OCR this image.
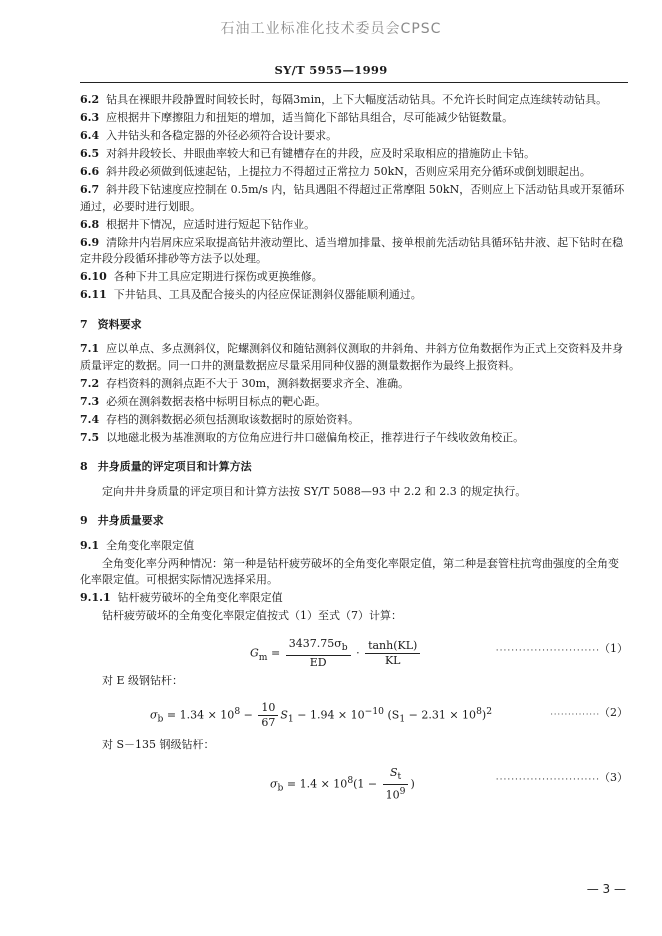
石油工业标准化技术委员会CPSC
SY/T 5955—1999

6.2 钻具在裸眼井段静置时间较长时，每隔3min，上下大幅度活动钻具。不允许长时间定点连续转动钻具。

6.3 应根据井下摩擦阻力和扭矩的增加，适当简化下部钻具组合，尽可能减少钻铤数量。

6.4 入井钻头和各稳定器的外径必须符合设计要求。

6.5 对斜井段较长、井眼曲率较大和已有键槽存在的井段，应及时采取相应的措施防止卡钻。

6.6 斜井段必须做到低速起钻，上提拉力不得超过正常拉力 50kN，否则应采用充分循环或倒划眼起出。

6.7 斜井段下钻速度应控制在 0.5m/s 内，钻具遇阻不得超过正常摩阻 50kN，否则应上下活动钻具或开泵循环通过，必要时进行划眼。

6.8 根据井下情况，应适时进行短起下钻作业。

6.9 清除井内岩屑床应采取提高钻井液动塑比、适当增加排量、接单根前先活动钻具循环钻井液、起下钻时在稳定井段分段循环排砂等方法予以处理。

6.10 各种下井工具应定期进行探伤或更换维修。

6.11 下井钻具、工具及配合接头的内径应保证测斜仪器能顺利通过。

7 资料要求

7.1 应以单点、多点测斜仪，陀螺测斜仪和随钻测斜仪测取的井斜角、井斜方位角数据作为正式上交资料及井身质量评定的数据。同一口井的测量数据应尽量采用同种仪器的测量数据作为最终上报资料。

7.2 存档资料的测斜点距不大于 30m，测斜数据要求齐全、准确。

7.3 必须在测斜数据表格中标明目标点的靶心距。

7.4 存档的测斜数据必须包括测取该数据时的原始资料。

7.5 以地磁北极为基准测取的方位角应进行井口磁偏角校正，推荐进行子午线收敛角校正。

8 井身质量的评定项目和计算方法

定向井井身质量的评定项目和计算方法按 SY/T 5088—93 中 2.2 和 2.3 的规定执行。

9 井身质量要求

9.1 全角变化率限定值

全角变化率分两种情况：第一种是钻杆疲劳破坏的全角变化率限定值，第二种是套管柱抗弯曲强度的全角变化率限定值。可根据实际情况选择采用。

9.1.1 钻杆疲劳破坏的全角变化率限定值

钻杆疲劳破坏的全角变化率限定值按式（1）至式（7）计算：

$G_m = \frac{3437.75\sigma_b}{ED} \cdot \frac{\tanh(KL)}{KL}$	··························· （1）

对 E 级钢钻杆：

$\sigma_b = 1.34 \times 10^8 - \frac{10}{67} S_1 - 1.94 \times 10^{-10}$ $(S_1 - 2.31 \times 10^8)^2$	·············· （2）

对 S－135 钢级钻杆：

$\sigma_b = 1.4 \times 10^8(1 - \frac{S_t}{10^9}$ )	··························· （3）
— 3 —
